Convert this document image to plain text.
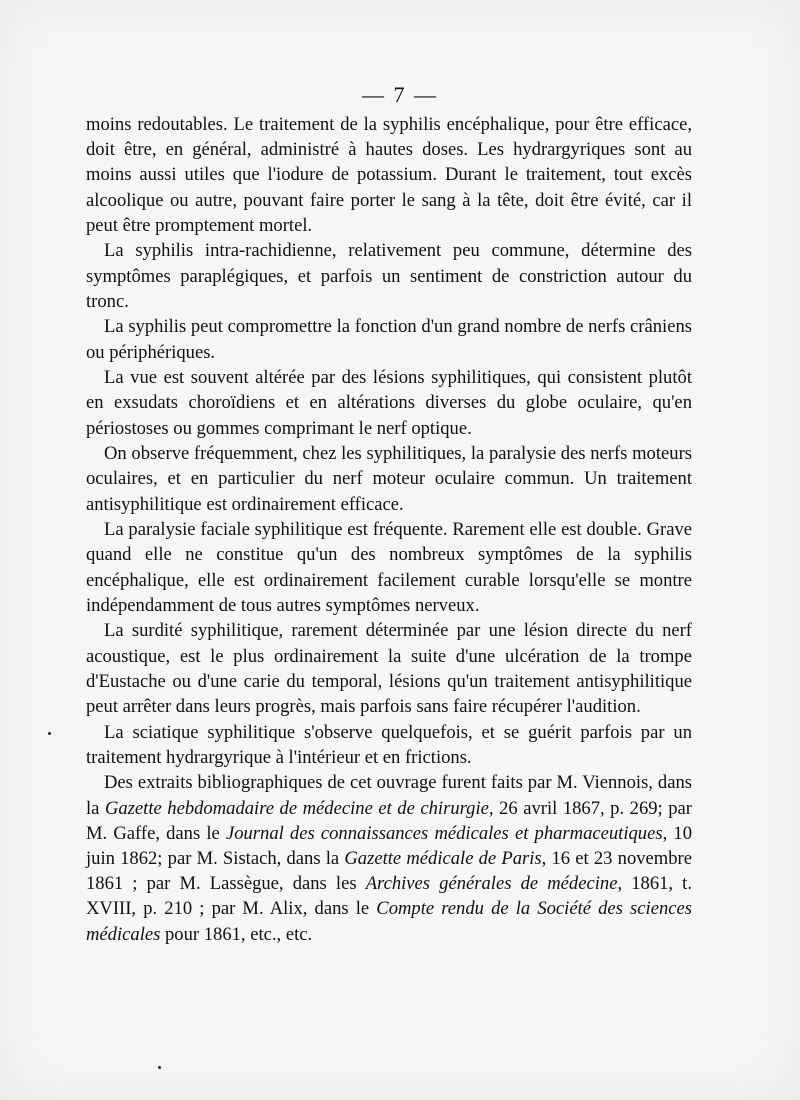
— 7 —

moins redoutables. Le traitement de la syphilis encéphalique, pour être efficace, doit être, en général, administré à hautes doses. Les hydrargyriques sont au moins aussi utiles que l'iodure de potassium. Durant le traitement, tout excès alcoolique ou autre, pouvant faire porter le sang à la tête, doit être évité, car il peut être promptement mortel.

La syphilis intra-rachidienne, relativement peu commune, détermine des symptômes paraplégiques, et parfois un sentiment de constriction autour du tronc.

La syphilis peut compromettre la fonction d'un grand nombre de nerfs crâniens ou périphériques.

La vue est souvent altérée par des lésions syphilitiques, qui consistent plutôt en exsudats choroïdiens et en altérations diverses du globe oculaire, qu'en périostoses ou gommes comprimant le nerf optique.

On observe fréquemment, chez les syphilitiques, la paralysie des nerfs moteurs oculaires, et en particulier du nerf moteur oculaire commun. Un traitement antisyphilitique est ordinairement efficace.

La paralysie faciale syphilitique est fréquente. Rarement elle est double. Grave quand elle ne constitue qu'un des nombreux symptômes de la syphilis encéphalique, elle est ordinairement facilement curable lorsqu'elle se montre indépendamment de tous autres symptômes nerveux.

La surdité syphilitique, rarement déterminée par une lésion directe du nerf acoustique, est le plus ordinairement la suite d'une ulcération de la trompe d'Eustache ou d'une carie du temporal, lésions qu'un traitement antisyphilitique peut arrêter dans leurs progrès, mais parfois sans faire récupérer l'audition.

La sciatique syphilitique s'observe quelquefois, et se guérit parfois par un traitement hydrargyrique à l'intérieur et en frictions.

Des extraits bibliographiques de cet ouvrage furent faits par M. Viennois, dans la Gazette hebdomadaire de médecine et de chirurgie, 26 avril 1867, p. 269; par M. Gaffe, dans le Journal des connaissances médicales et pharmaceutiques, 10 juin 1862; par M. Sistach, dans la Gazette médicale de Paris, 16 et 23 novembre 1861 ; par M. Lassègue, dans les Archives générales de médecine, 1861, t. XVIII, p. 210 ; par M. Alix, dans le Compte rendu de la Société des sciences médicales pour 1861, etc., etc.
